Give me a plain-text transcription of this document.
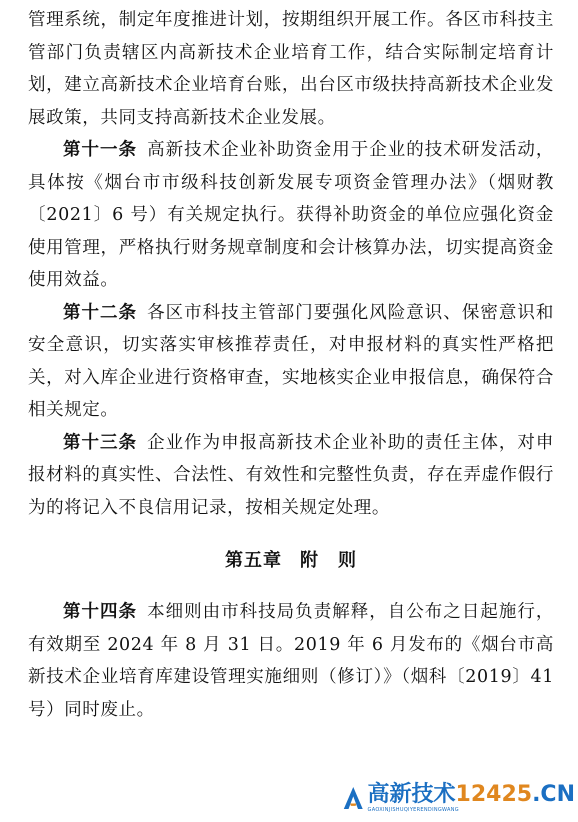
管理系统，制定年度推进计划，按期组织开展工作。各区市科技主管部门负责辖区内高新技术企业培育工作，结合实际制定培育计划，建立高新技术企业培育台账，出台区市级扶持高新技术企业发展政策，共同支持高新技术企业发展。

第十一条 高新技术企业补助资金用于企业的技术研发活动，具体按《烟台市市级科技创新发展专项资金管理办法》（烟财教〔2021〕6 号）有关规定执行。获得补助资金的单位应强化资金使用管理，严格执行财务规章制度和会计核算办法，切实提高资金使用效益。

第十二条 各区市科技主管部门要强化风险意识、保密意识和安全意识，切实落实审核推荐责任，对申报材料的真实性严格把关，对入库企业进行资格审查，实地核实企业申报信息，确保符合相关规定。

第十三条 企业作为申报高新技术企业补助的责任主体，对申报材料的真实性、合法性、有效性和完整性负责，存在弄虚作假行为的将记入不良信用记录，按相关规定处理。

第五章 附　则

第十四条 本细则由市科技局负责解释，自公布之日起施行，有效期至 2024 年 8 月 31 日。2019 年 6 月发布的《烟台市高新技术企业培育库建设管理实施细则（修订）》（烟科〔2019〕41 号）同时废止。

高新技术12425.CN
GAOXINJISHUQIYERENDINGWANG
